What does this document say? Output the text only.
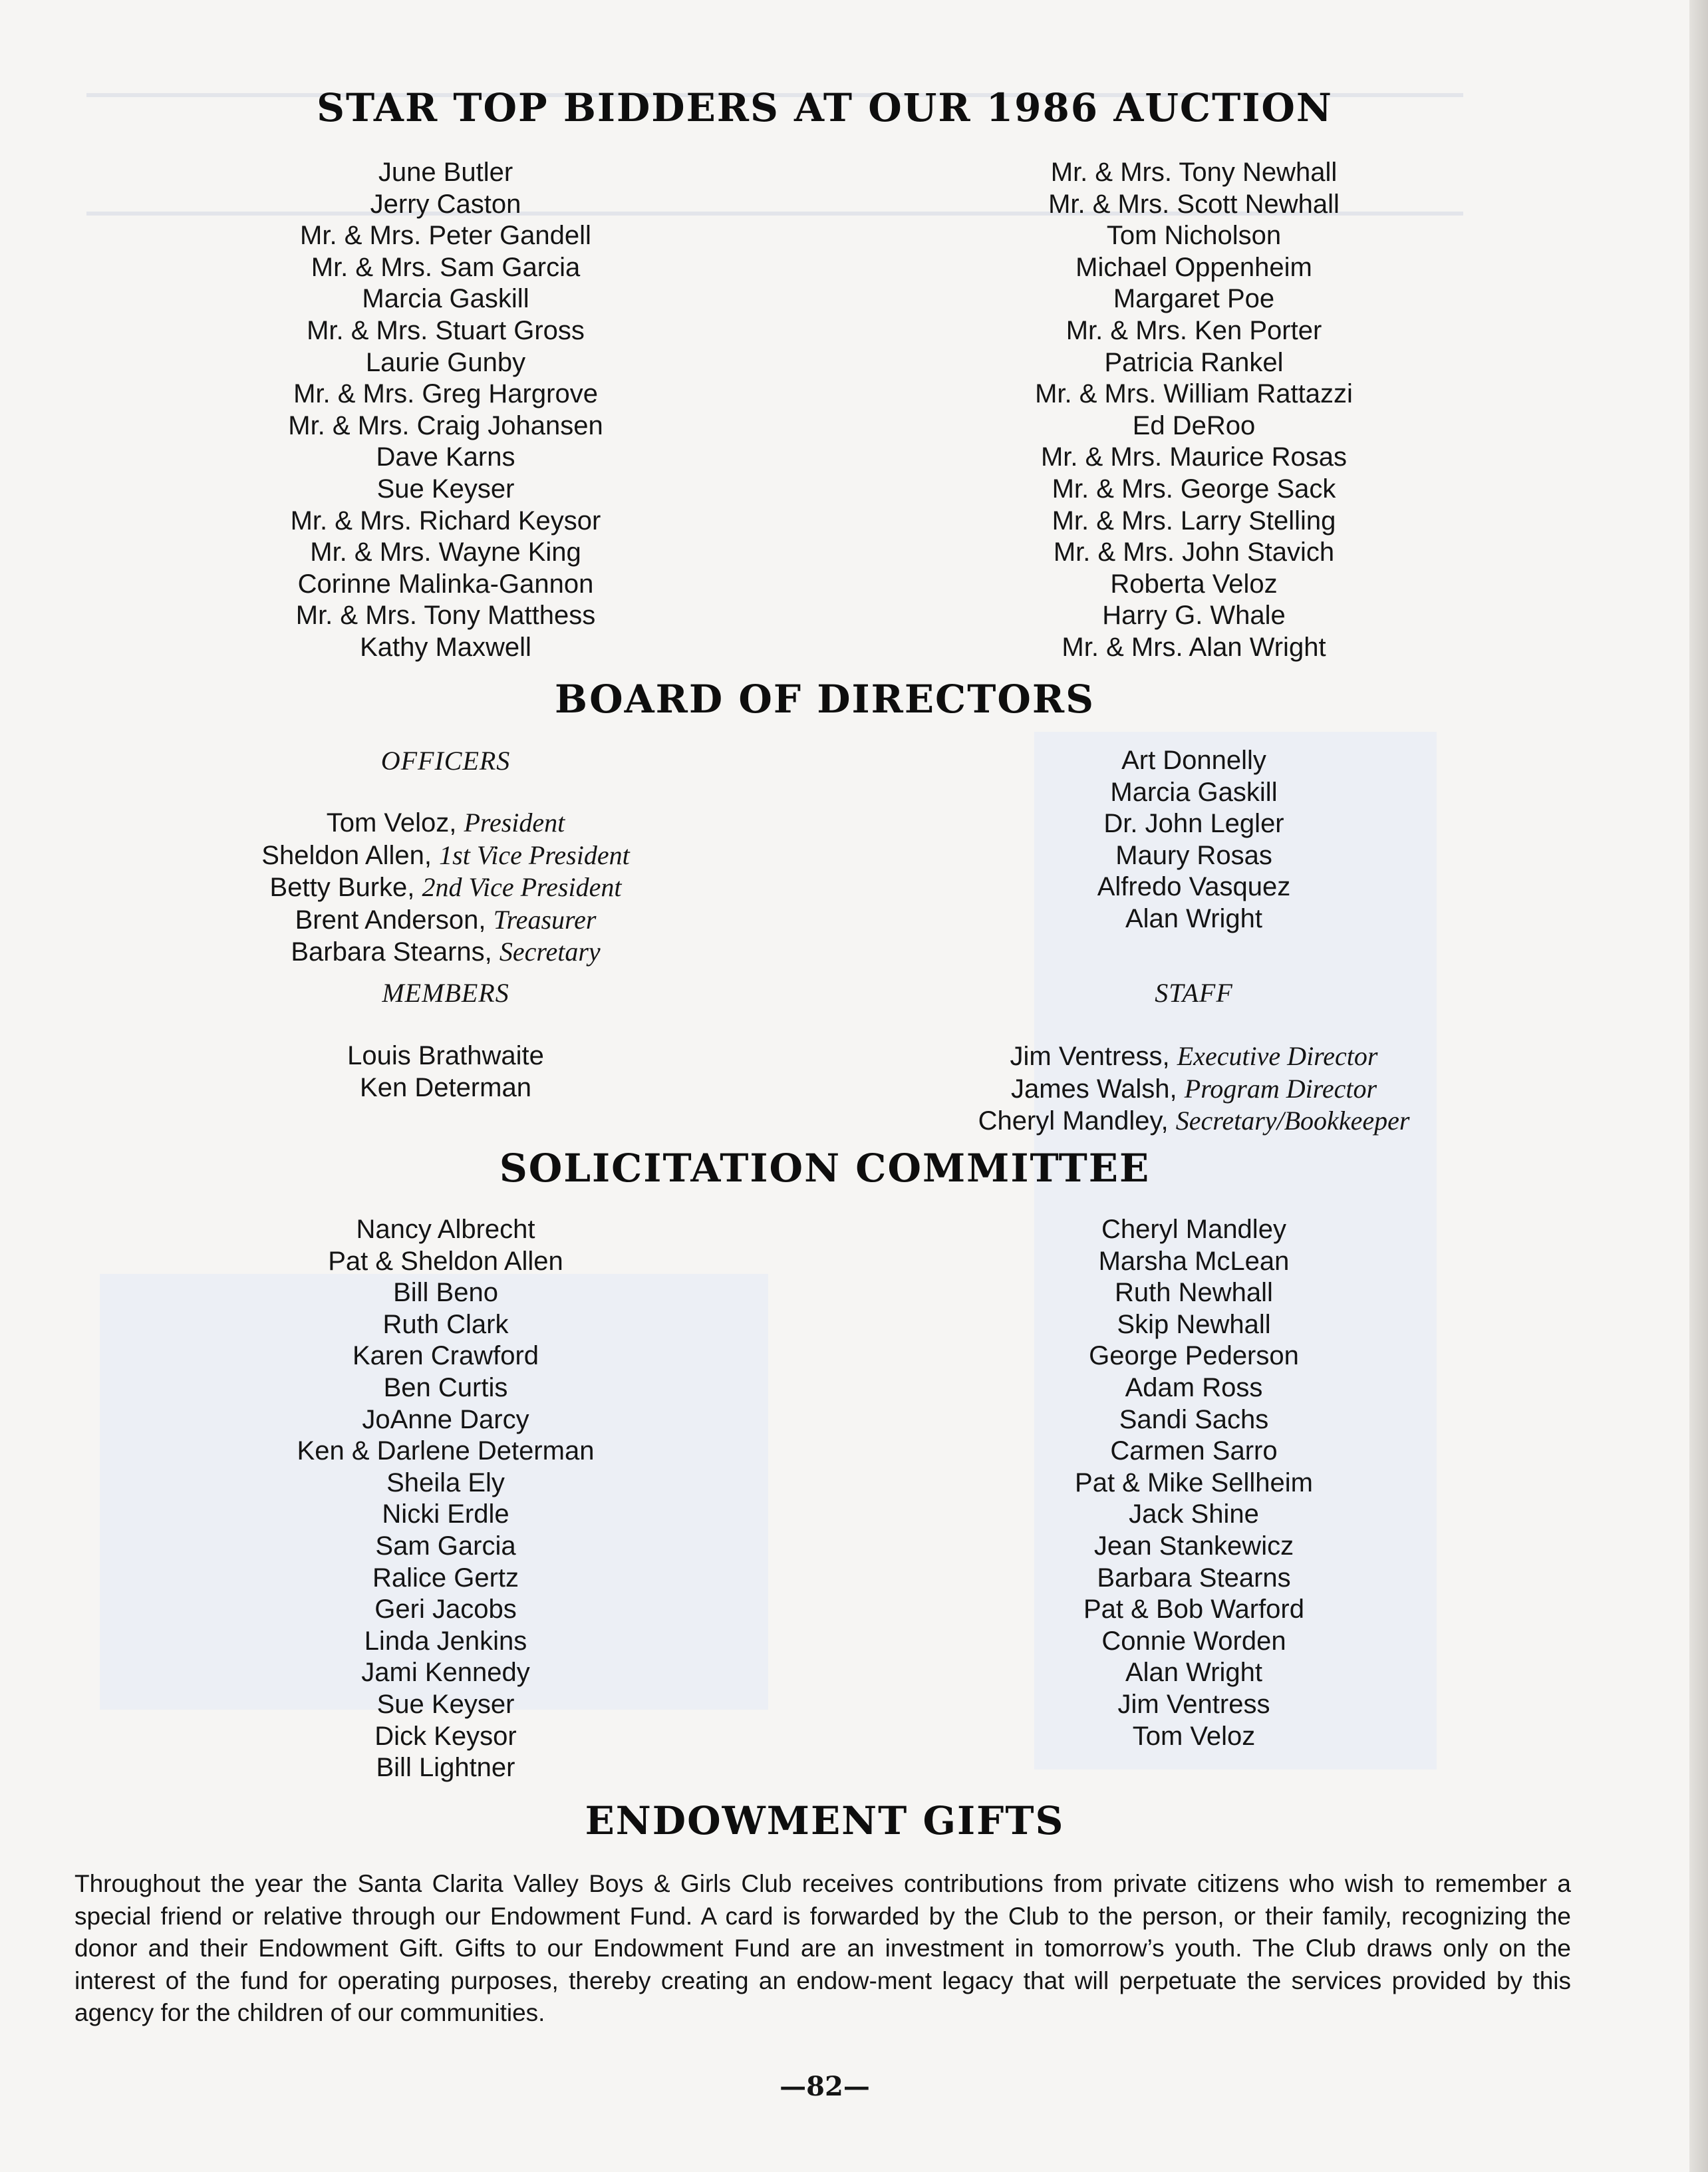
STAR TOP BIDDERS AT OUR 1986 AUCTION
June Butler
Jerry Caston
Mr. & Mrs. Peter Gandell
Mr. & Mrs. Sam Garcia
Marcia Gaskill
Mr. & Mrs. Stuart Gross
Laurie Gunby
Mr. & Mrs. Greg Hargrove
Mr. & Mrs. Craig Johansen
Dave Karns
Sue Keyser
Mr. & Mrs. Richard Keysor
Mr. & Mrs. Wayne King
Corinne Malinka-Gannon
Mr. & Mrs. Tony Matthess
Kathy Maxwell
Mr. & Mrs. Tony Newhall
Mr. & Mrs. Scott Newhall
Tom Nicholson
Michael Oppenheim
Margaret Poe
Mr. & Mrs. Ken Porter
Patricia Rankel
Mr. & Mrs. William Rattazzi
Ed DeRoo
Mr. & Mrs. Maurice Rosas
Mr. & Mrs. George Sack
Mr. & Mrs. Larry Stelling
Mr. & Mrs. John Stavich
Roberta Veloz
Harry G. Whale
Mr. & Mrs. Alan Wright
BOARD OF DIRECTORS
OFFICERS
Tom Veloz, President
Sheldon Allen, 1st Vice President
Betty Burke, 2nd Vice President
Brent Anderson, Treasurer
Barbara Stearns, Secretary
Art Donnelly
Marcia Gaskill
Dr. John Legler
Maury Rosas
Alfredo Vasquez
Alan Wright
MEMBERS
Louis Brathwaite
Ken Determan
STAFF
Jim Ventress, Executive Director
James Walsh, Program Director
Cheryl Mandley, Secretary/Bookkeeper
SOLICITATION COMMITTEE
Nancy Albrecht
Pat & Sheldon Allen
Bill Beno
Ruth Clark
Karen Crawford
Ben Curtis
JoAnne Darcy
Ken & Darlene Determan
Sheila Ely
Nicki Erdle
Sam Garcia
Ralice Gertz
Geri Jacobs
Linda Jenkins
Jami Kennedy
Sue Keyser
Dick Keysor
Bill Lightner
Cheryl Mandley
Marsha McLean
Ruth Newhall
Skip Newhall
George Pederson
Adam Ross
Sandi Sachs
Carmen Sarro
Pat & Mike Sellheim
Jack Shine
Jean Stankewicz
Barbara Stearns
Pat & Bob Warford
Connie Worden
Alan Wright
Jim Ventress
Tom Veloz
ENDOWMENT GIFTS

Throughout the year the Santa Clarita Valley Boys & Girls Club receives contributions from private citizens who wish to remember a special friend or relative through our Endowment Fund. A card is forwarded by the Club to the person, or their family, recognizing the donor and their Endowment Gift. Gifts to our Endowment Fund are an investment in tomorrow’s youth. The Club draws only on the interest of the fund for operating purposes, thereby creating an endow-ment legacy that will perpetuate the services provided by this agency for the children of our communities.

—82—
